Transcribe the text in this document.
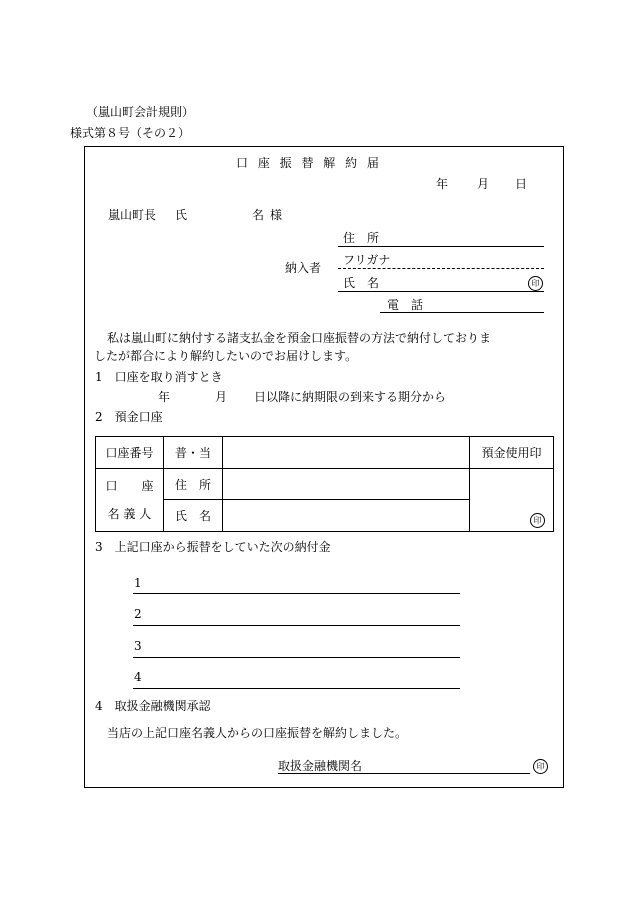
（嵐山町会計規則）
様式第８号（その２）
口 座 振 替 解 約 届
年 月 日
嵐山町長 氏	名 様
納入者
住　所
フリガナ
氏　名	印
電　話
私は嵐山町に納付する諸支払金を預金口座振替の方法で納付しておりま
したが都合により解約したいのでお届けします。
1　口座を取り消すとき
年	月 日以降に納期限の到来する期分から
2　預金口座
口座番号	普・当		預金使用印

口　　座
名 義 人	住　所		印

	氏　名		
3　上記口座から振替をしていた次の納付金
1
2
3
4
4　取扱金融機関承認
当店の上記口座名義人からの口座振替を解約しました。
取扱金融機関名	印
